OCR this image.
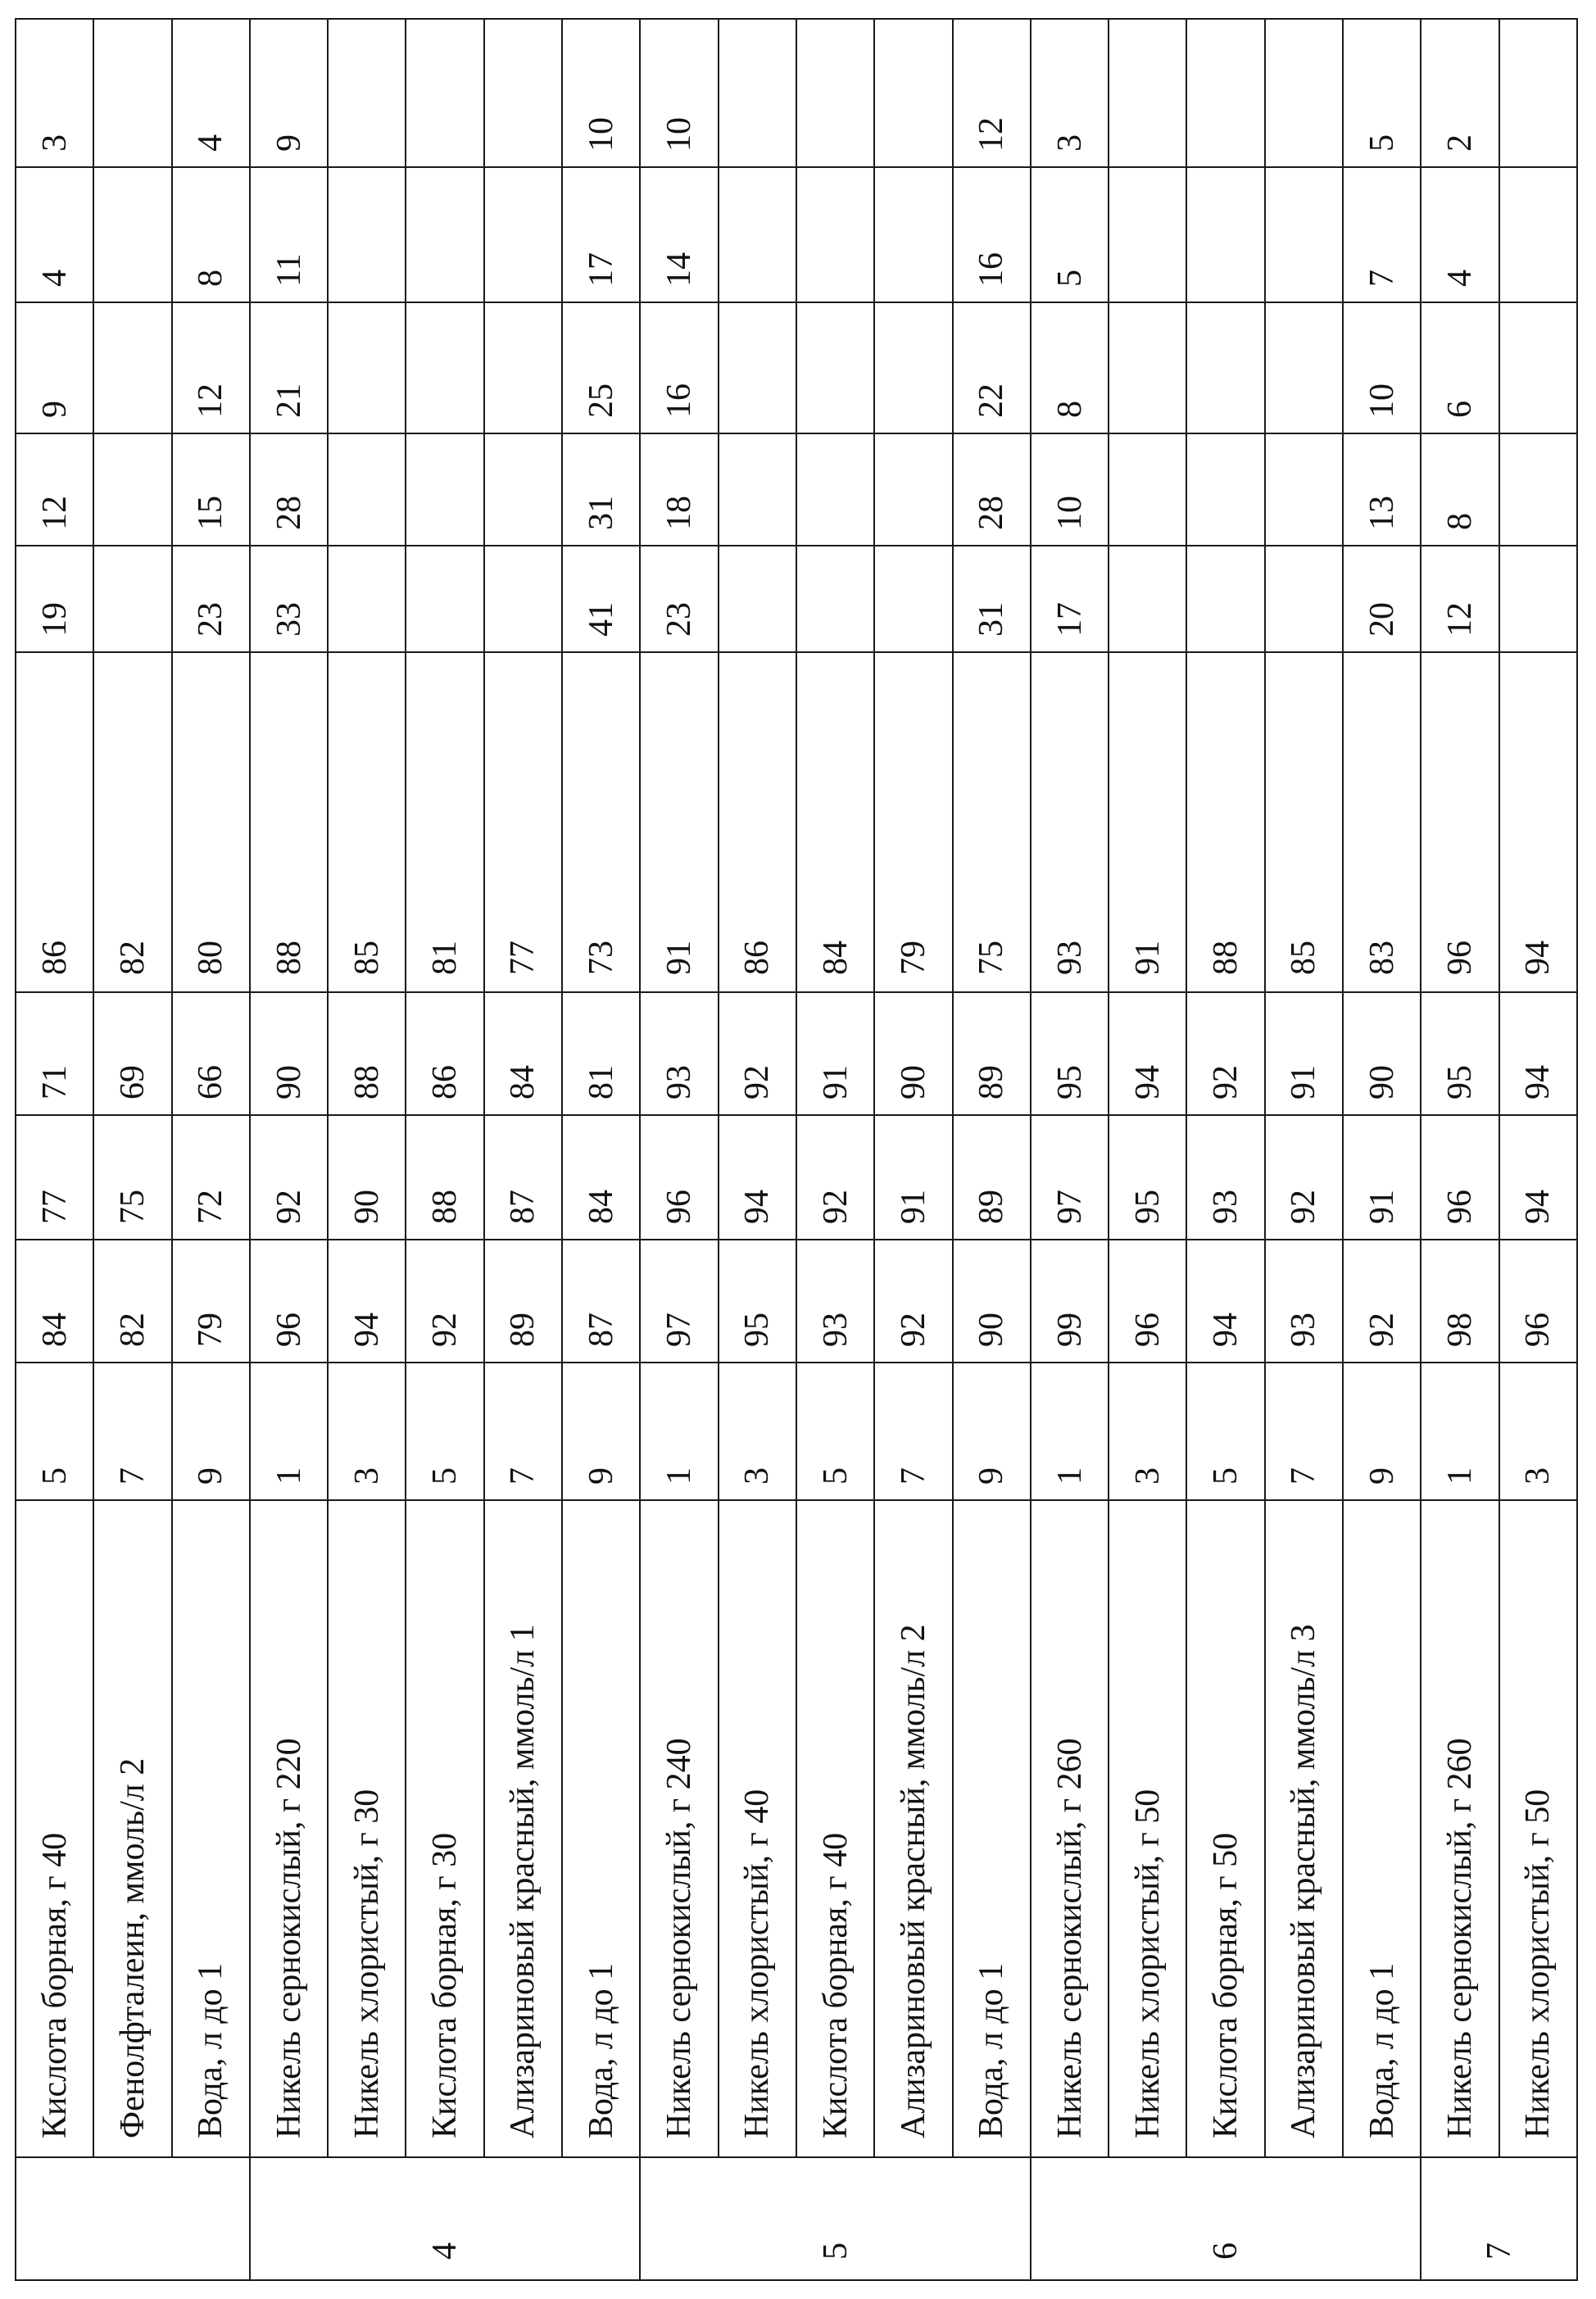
	Кислота борная, г 40	5	84	77	71	86	19	12	9	4	3
Фенолфталеин, ммоль/л 2	7	82	75	69	82					
Вода, л до 1	9	79	72	66	80	23	15	12	8	4
4	Никель сернокислый, г 220	1	96	92	90	88	33	28	21	11	9
Никель хлористый, г 30	3	94	90	88	85					
Кислота борная, г 30	5	92	88	86	81					
Ализариновый красный, ммоль/л 1	7	89	87	84	77					
Вода, л до 1	9	87	84	81	73	41	31	25	17	10
5	Никель сернокислый, г 240	1	97	96	93	91	23	18	16	14	10
Никель хлористый, г 40	3	95	94	92	86					
Кислота борная, г 40	5	93	92	91	84					
Ализариновый красный, ммоль/л 2	7	92	91	90	79					
Вода, л до 1	9	90	89	89	75	31	28	22	16	12
6	Никель сернокислый, г 260	1	99	97	95	93	17	10	8	5	3
Никель хлористый, г 50	3	96	95	94	91					
Кислота борная, г 50	5	94	93	92	88					
Ализариновый красный, ммоль/л 3	7	93	92	91	85					
Вода, л до 1	9	92	91	90	83	20	13	10	7	5
7	Никель сернокислый, г 260	1	98	96	95	96	12	8	6	4	2
Никель хлористый, г 50	3	96	94	94	94					
